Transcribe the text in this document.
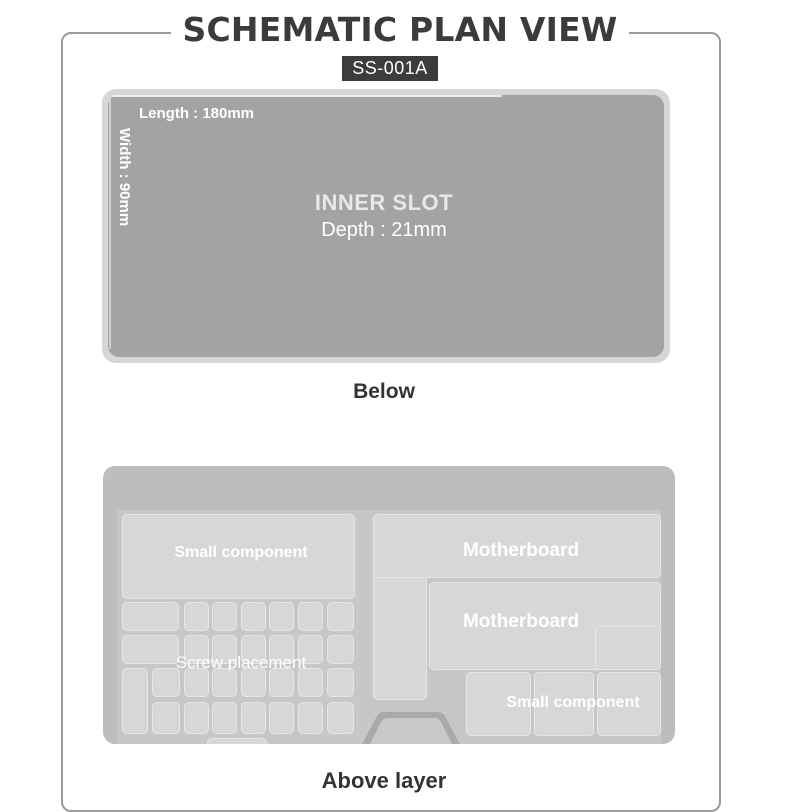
SCHEMATIC PLAN VIEW
SS-001A
Length : 180mm
Width : 90mm	INNER SLOT
Depth : 21mm
Below
Small component
Screw placement
Motherboard
Motherboard
Small component
Above layer
